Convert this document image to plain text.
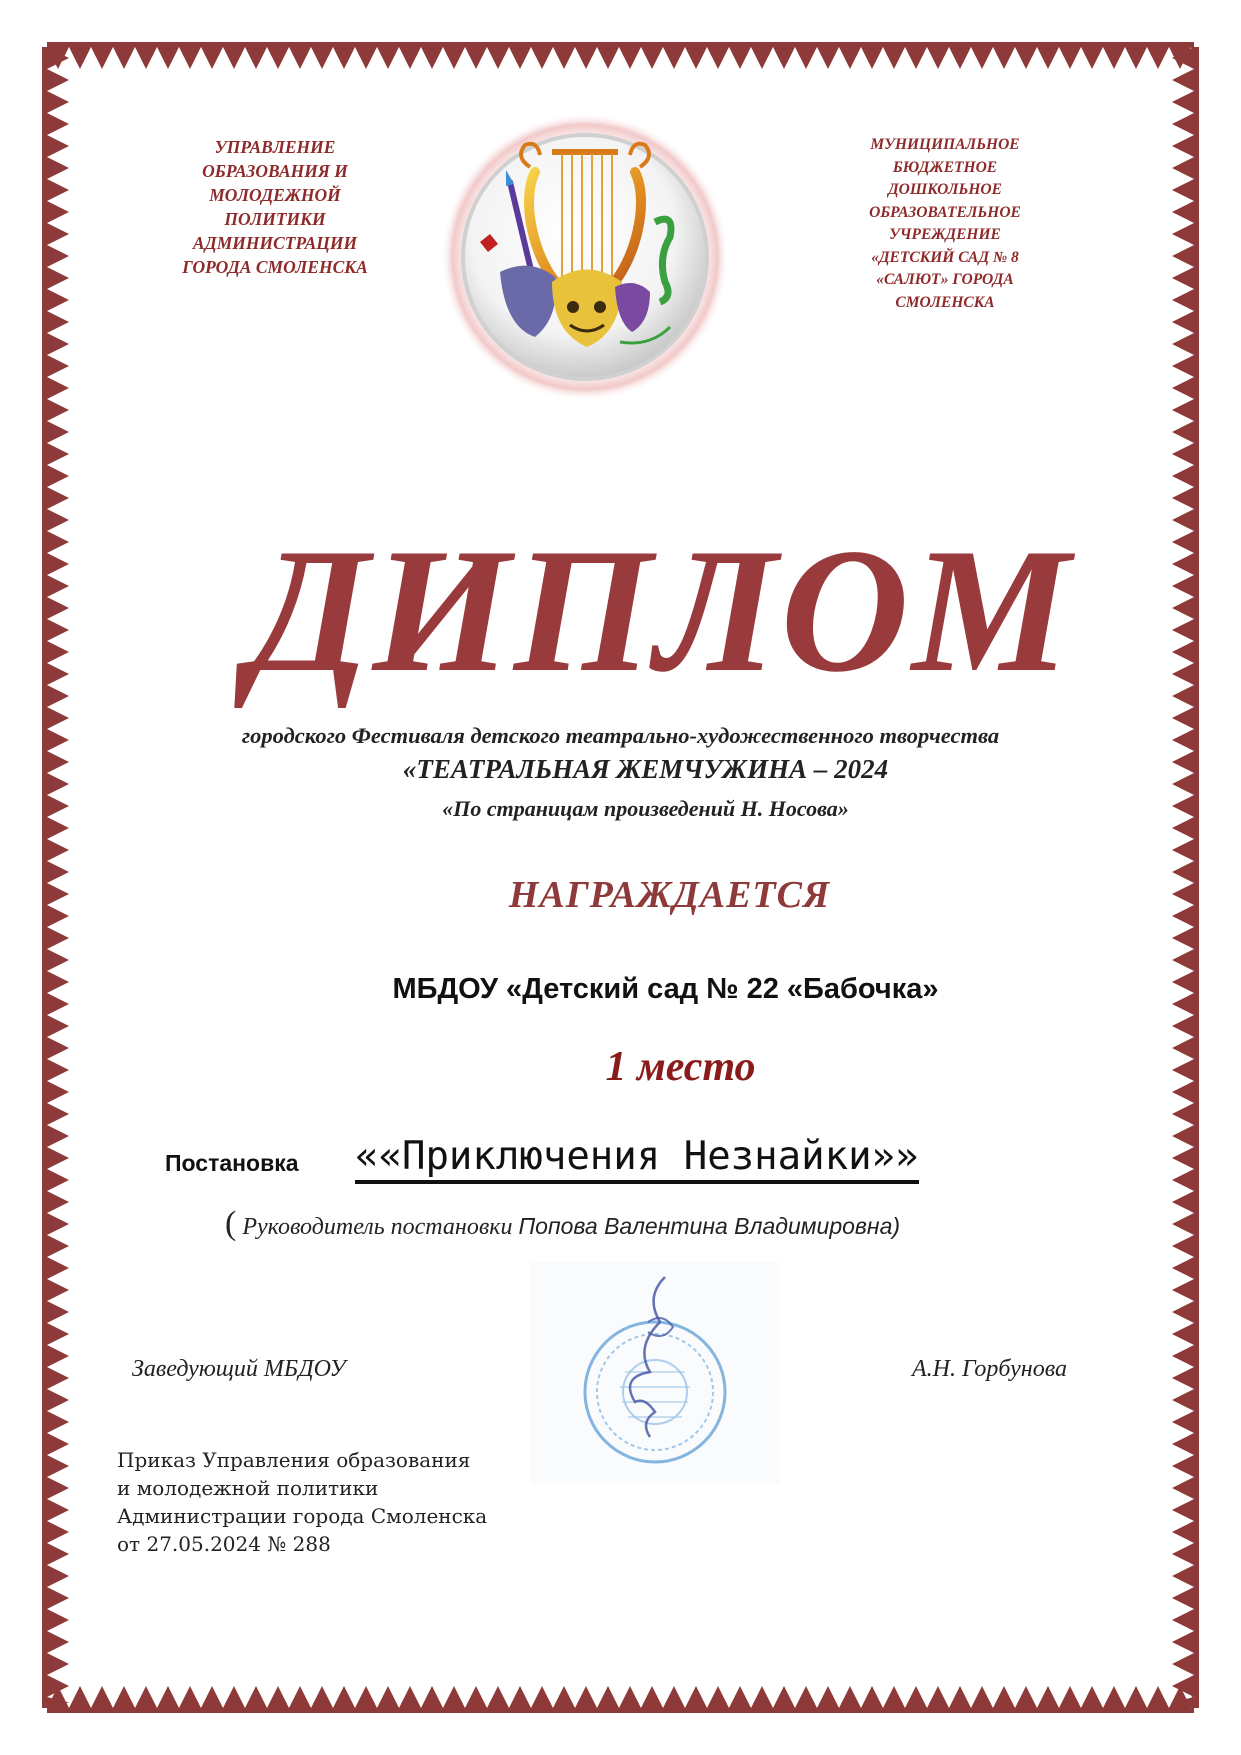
УПРАВЛЕНИЕ
ОБРАЗОВАНИЯ И
МОЛОДЕЖНОЙ
ПОЛИТИКИ
АДМИНИСТРАЦИИ
ГОРОДА СМОЛЕНСКА
МУНИЦИПАЛЬНОЕ
БЮДЖЕТНОЕ
ДОШКОЛЬНОЕ
ОБРАЗОВАТЕЛЬНОЕ
УЧРЕЖДЕНИЕ
«ДЕТСКИЙ САД № 8
«САЛЮТ» ГОРОДА
СМОЛЕНСКА
ДИПЛОМ
городского Фестиваля детского театрально-художественного творчества
«ТЕАТРАЛЬНАЯ ЖЕМЧУЖИНА – 2024
«По страницам произведений Н. Носова»
НАГРАЖДАЕТСЯ
МБДОУ «Детский сад № 22 «Бабочка»
1 место
Постановка ««Приключения Незнайки»»
( Руководитель постановки Попова Валентина Владимировна)
Заведующий МБДОУ	А.Н. Горбунова
Приказ Управления образования
и молодежной политики
Администрации города Смоленска
от 27.05.2024 № 288
